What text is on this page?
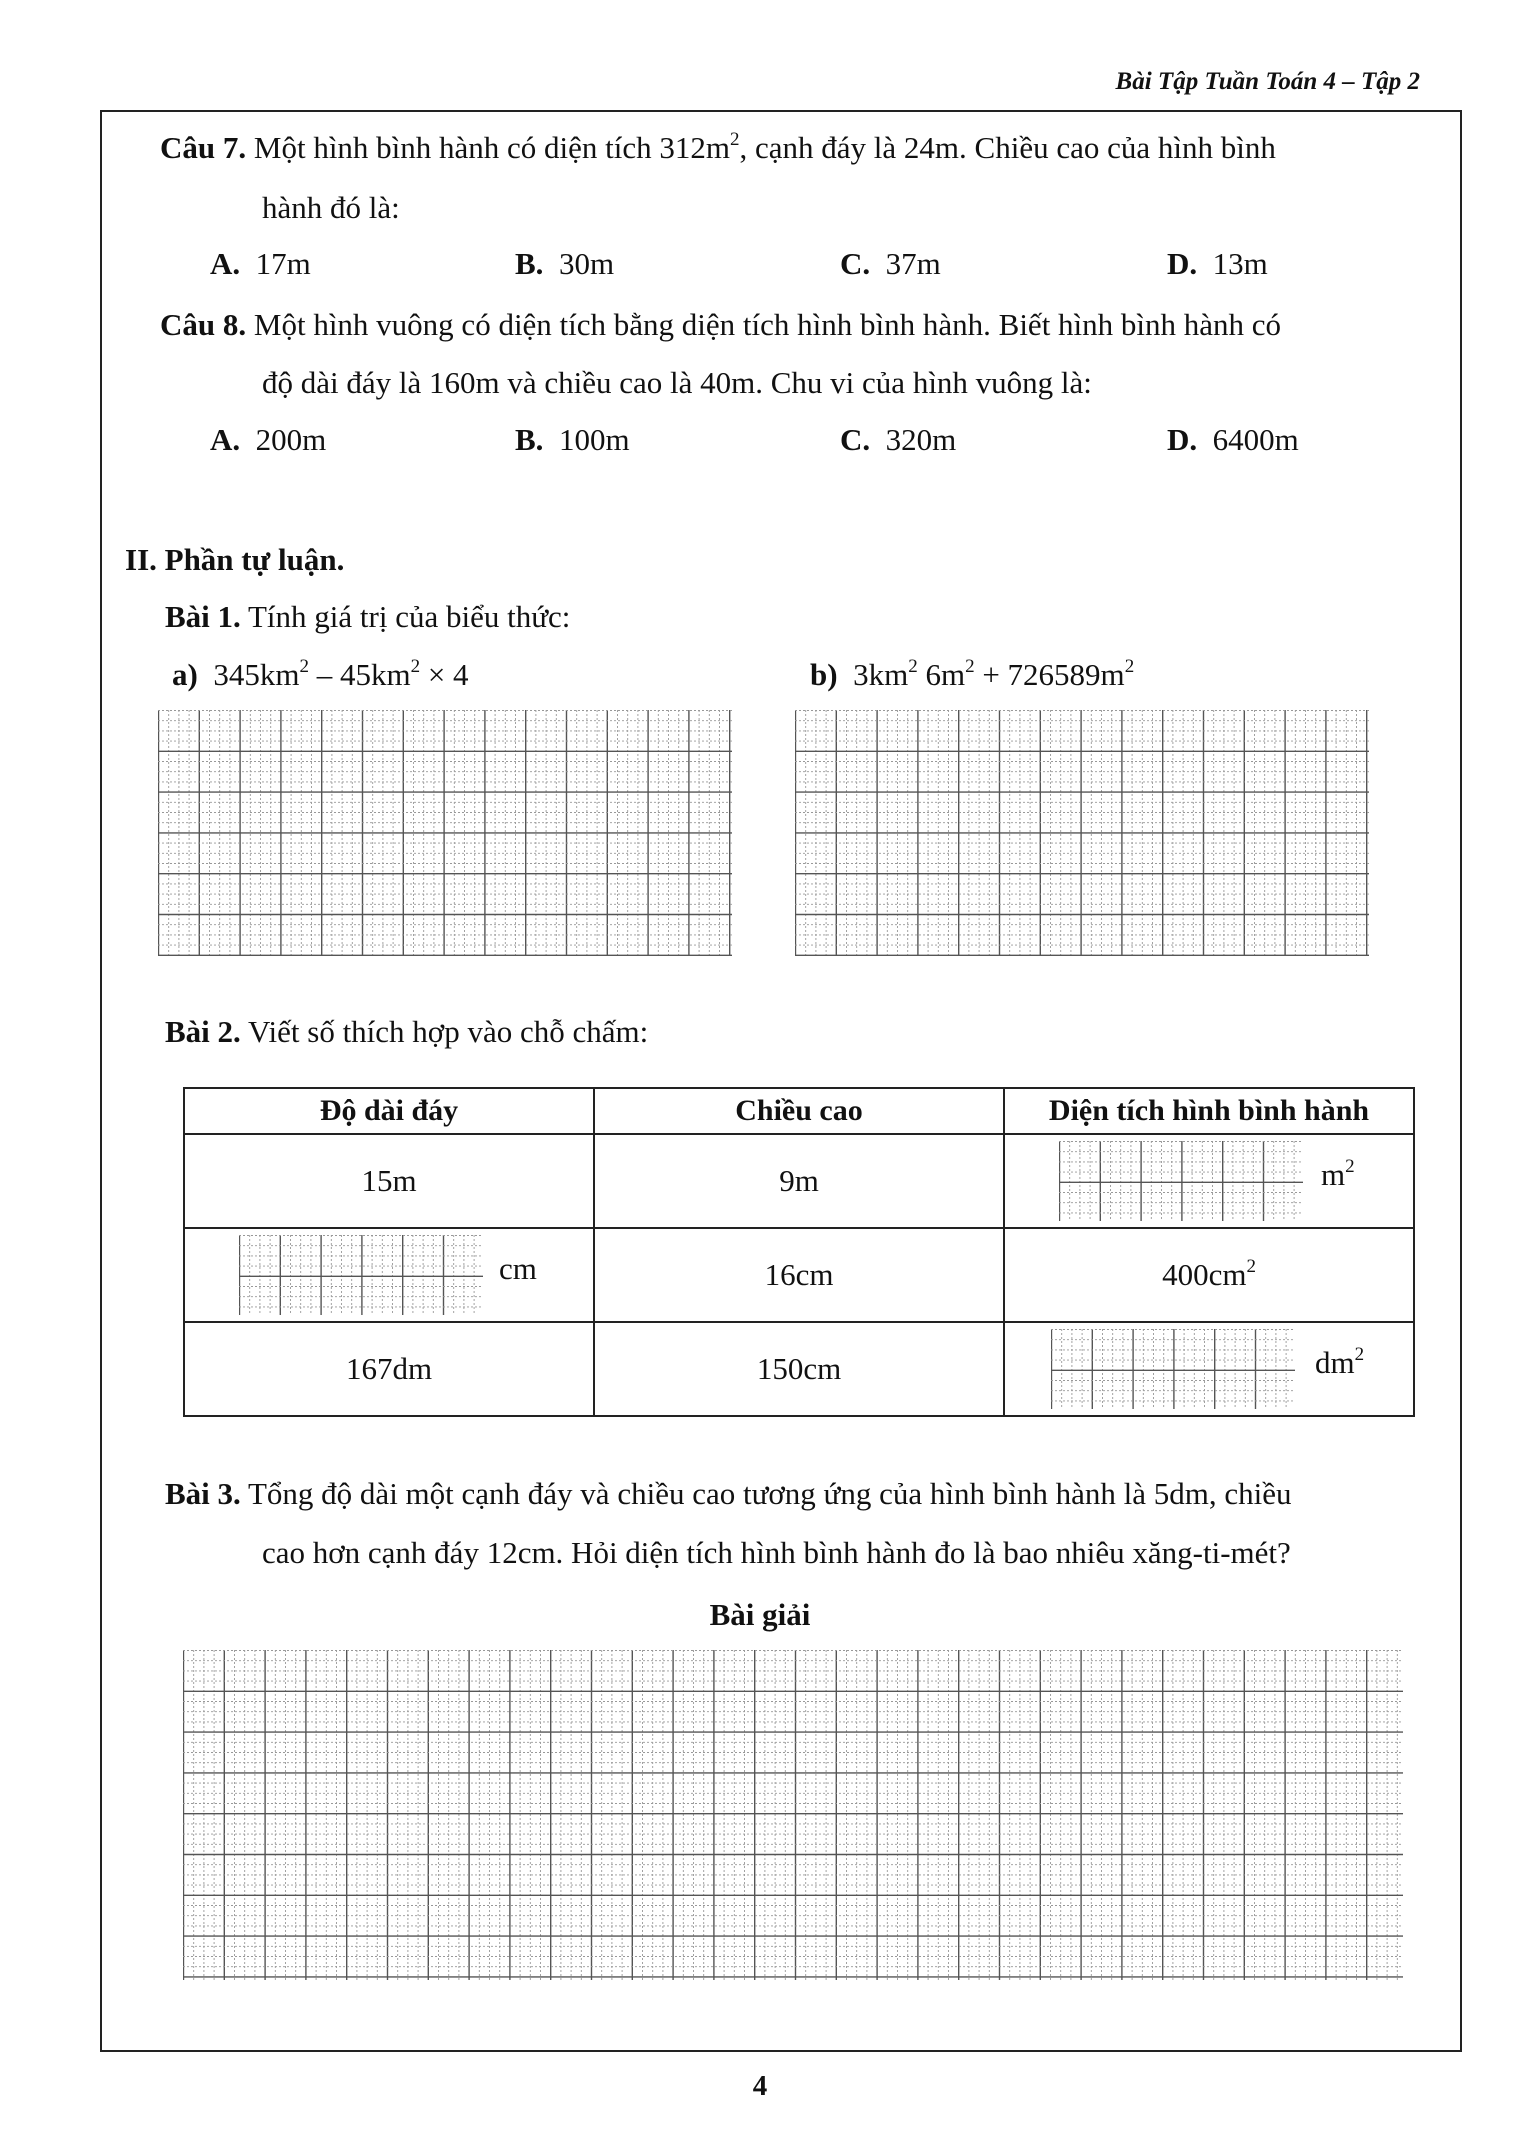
Bài Tập Tuần Toán 4 – Tập 2
Câu 7. Một hình bình hành có diện tích $312m^2$, cạnh đáy là 24m. Chiều cao của hình bình
hành đó là:
A. 17m	B. 30m	C. 37m	D. 13m
Câu 8. Một hình vuông có diện tích bằng diện tích hình bình hành. Biết hình bình hành có
độ dài đáy là 160m và chiều cao là 40m. Chu vi của hình vuông là:
A. 200m	B. 100m	C. 320m	D. 6400m
II. Phần tự luận.
Bài 1. Tính giá trị của biểu thức:
a) $345km^2 - 45km^2 \times 4$	b) $3km^2$ $6m^2 + 726589m^2$
Bài 2. Viết số thích hợp vào chỗ chấm:
Độ dài đáy	Chiều cao	Diện tích hình bình hành
15m	9m	$m^2$

cm	16cm	$400cm^2$
167dm	150cm	$dm^2$
Bài 3. Tổng độ dài một cạnh đáy và chiều cao tương ứng của hình bình hành là 5dm, chiều
cao hơn cạnh đáy 12cm. Hỏi diện tích hình bình hành đo là bao nhiêu xăng-ti-mét?
Bài giải
4
